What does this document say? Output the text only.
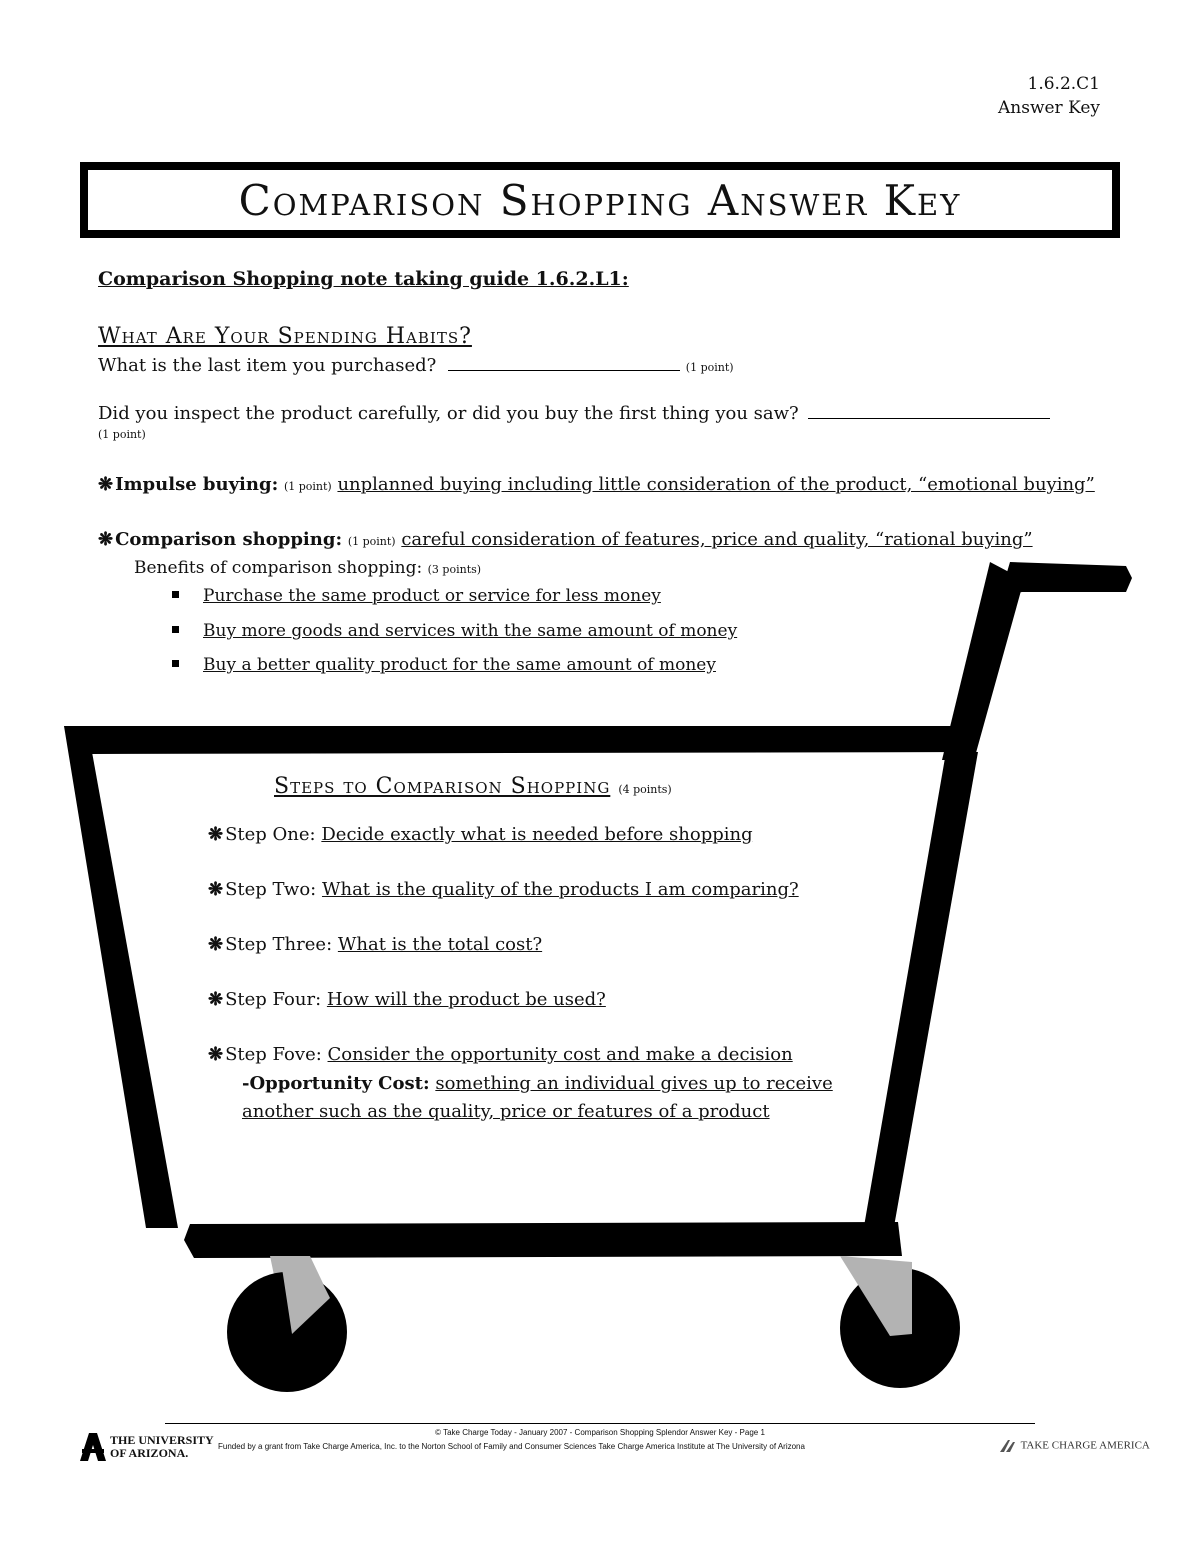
1.6.2.C1
Answer Key
Comparison Shopping Answer Key
Comparison Shopping note taking guide 1.6.2.L1:
What Are Your Spending Habits?
What is the last item you purchased?	(1 point)
Did you inspect the product carefully, or did you buy the first thing you saw?
(1 point)
❋ Impulse buying: (1 point) unplanned buying including little consideration of the product, “emotional buying”
❋ Comparison shopping: (1 point) careful consideration of features, price and quality, “rational buying”
Benefits of comparison shopping: (3 points)
Purchase the same product or service for less money
Buy more goods and services with the same amount of money
Buy a better quality product for the same amount of money
Steps to Comparison Shopping (4 points)
❋ Step One: Decide exactly what is needed before shopping
❋ Step Two: What is the quality of the products I am comparing?
❋ Step Three: What is the total cost?
❋ Step Four: How will the product be used?
❋ Step Fove: Consider the opportunity cost and make a decision
-Opportunity Cost: something an individual gives up to receive
another such as the quality, price or features of a product
© Take Charge Today - January 2007 - Comparison Shopping Splendor Answer Key - Page 1
Funded by a grant from Take Charge America, Inc. to the Norton School of Family and Consumer Sciences Take Charge America Institute at The University of Arizona
THE UNIVERSITY
OF ARIZONA.
TAKE CHARGE AMERICA
